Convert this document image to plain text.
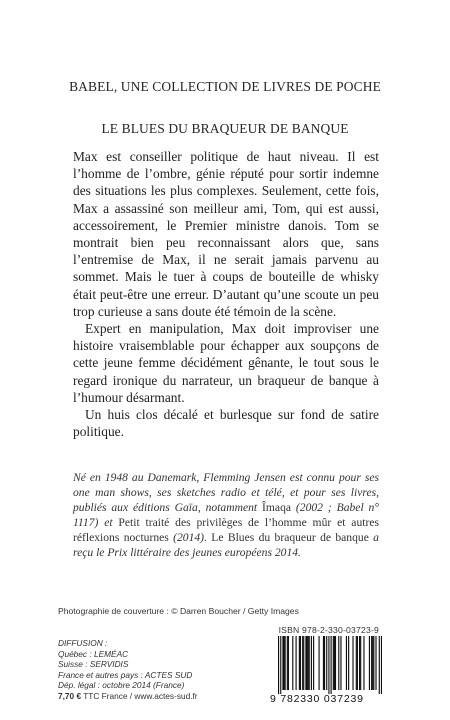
BABEL, UNE COLLECTION DE LIVRES DE POCHE
LE BLUES DU BRAQUEUR DE BANQUE

Max est conseiller politique de haut niveau. Il est l’homme de l’ombre, génie réputé pour sortir indemne des situations les plus complexes. Seulement, cette fois, Max a assassiné son meilleur ami, Tom, qui est aussi, accessoirement, le Premier ministre danois. Tom se montrait bien peu reconnaissant alors que, sans l’entremise de Max, il ne serait jamais parvenu au sommet. Mais le tuer à coups de bouteille de whisky était peut-être une erreur. D’autant qu’une scoute un peu trop curieuse a sans doute été témoin de la scène.

Expert en manipulation, Max doit improviser une histoire vraisemblable pour échapper aux soupçons de cette jeune femme décidément gênante, le tout sous le regard ironique du narrateur, un braqueur de banque à l’humour désarmant.

Un huis clos décalé et burlesque sur fond de satire politique.

Né en 1948 au Danemark, Flemming Jensen est connu pour ses one man shows, ses sketches radio et télé, et pour ses livres, publiés aux éditions Gaïa, notamment Îmaqa (2002 ; Babel n° 1117) et Petit traité des privilèges de l’homme mûr et autres réflexions nocturnes (2014). Le Blues du braqueur de banque a reçu le Prix littéraire des jeunes européens 2014.
Photographie de couverture : © Darren Boucher / Getty Images
ISBN 978-2-330-03723-9
DIFFUSION :
Québec : LEMÉAC
Suisse : SERVIDIS
France et autres pays : ACTES SUD
Dép. légal : octobre 2014 (France)
7,70 € TTC France / www.actes-sud.fr	9 782330 037239
